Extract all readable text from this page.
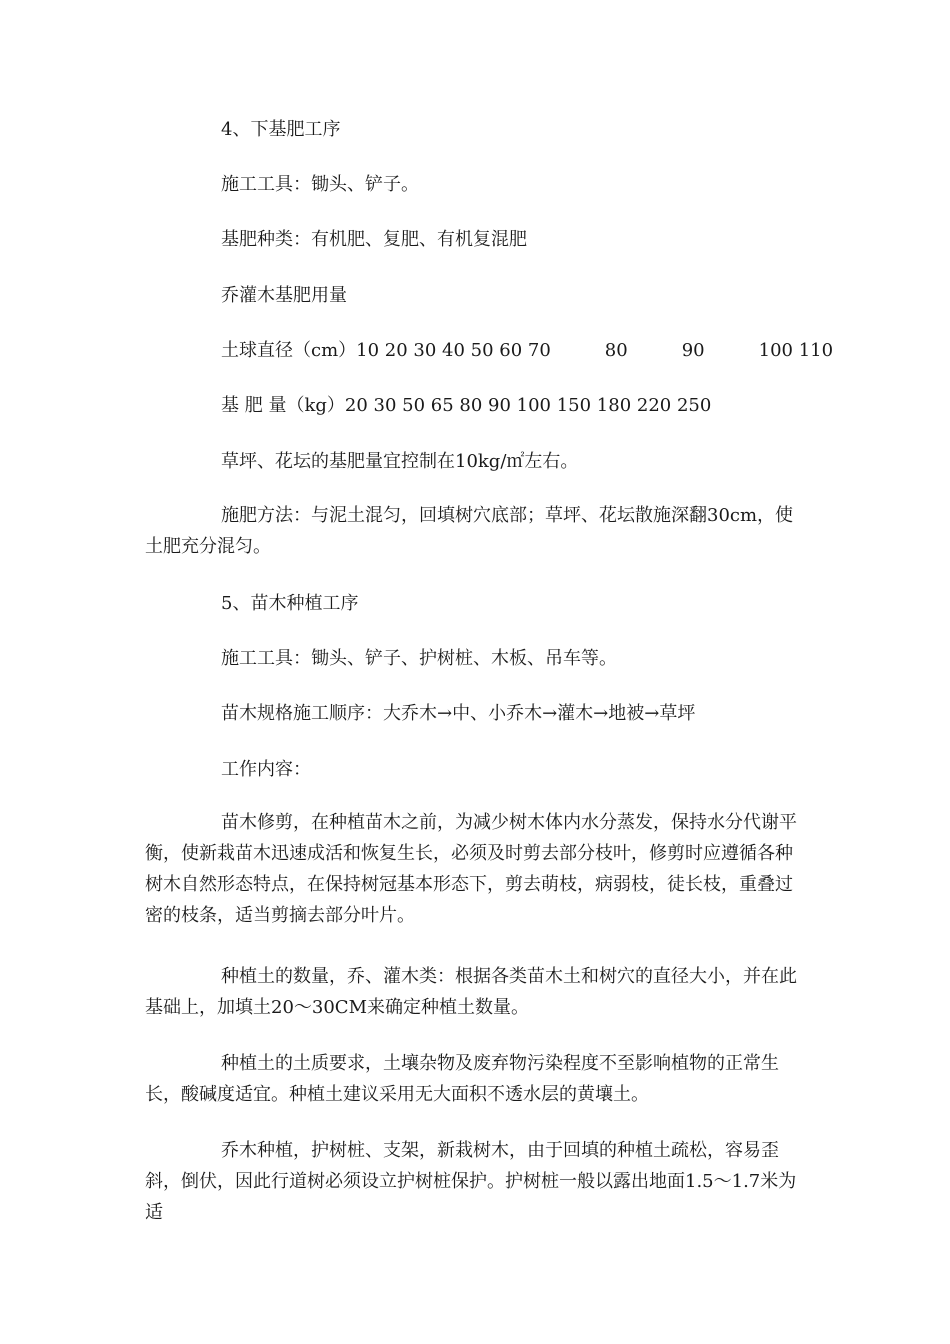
4、下基肥工序

施工工具：锄头、铲子。

基肥种类：有机肥、复肥、有机复混肥

乔灌木基肥用量

土球直径（cm）10 20 30 40 50 60 70　　　80　　　90　　　100 110

基 肥 量（kg）20 30 50 65 80 90 100 150 180 220 250

草坪、花坛的基肥量宜控制在10kg/㎡左右。

施肥方法：与泥土混匀，回填树穴底部；草坪、花坛散施深翻30cm，使土肥充分混匀。

5、苗木种植工序

施工工具：锄头、铲子、护树桩、木板、吊车等。

苗木规格施工顺序：大乔木→中、小乔木→灌木→地被→草坪

工作内容：

苗木修剪，在种植苗木之前，为减少树木体内水分蒸发，保持水分代谢平衡，使新栽苗木迅速成活和恢复生长，必须及时剪去部分枝叶，修剪时应遵循各种树木自然形态特点，在保持树冠基本形态下，剪去萌枝，病弱枝，徒长枝，重叠过密的枝条，适当剪摘去部分叶片。

种植土的数量，乔、灌木类：根据各类苗木土和树穴的直径大小，并在此基础上，加填土20～30CM来确定种植土数量。

种植土的土质要求，土壤杂物及废弃物污染程度不至影响植物的正常生长，酸碱度适宜。种植土建议采用无大面积不透水层的黄壤土。

乔木种植，护树桩、支架，新栽树木，由于回填的种植土疏松，容易歪斜，倒伏，因此行道树必须设立护树桩保护。护树桩一般以露出地面1.5～1.7米为适
